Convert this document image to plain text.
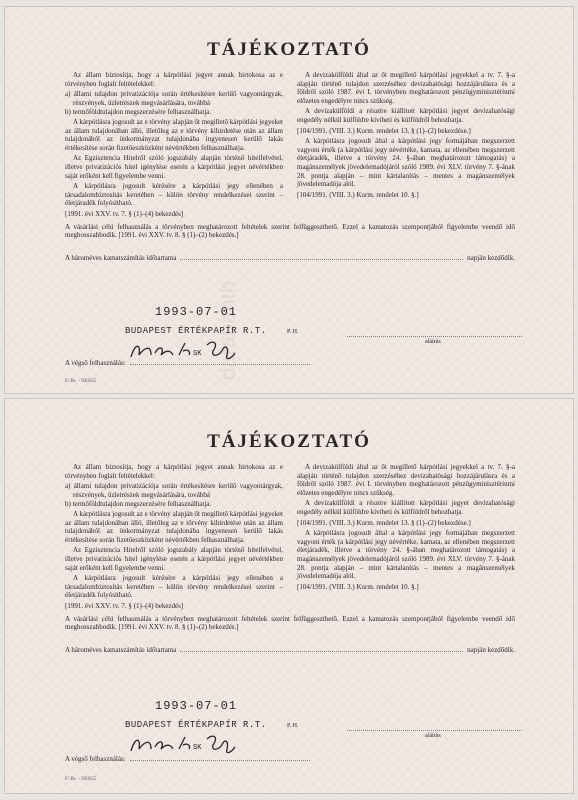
TÁJÉKOZTATÓ

Az állam biztosítja, hogy a kárpótlási jegyet annak birtokosa az e törvényben foglalt feltételekkel:

a) állami tulajdon privatizációja során értékesítésre kerülő vagyontárgyak, részvények, üzletrészek megvásárlására, továbbá

b) termőföldtulajdon megszerzésére felhasználhatja.

A kárpótlásra jogosult az e törvény alapján őt megillető kárpótlási jegyeket az állam tulajdonában álló, illetőleg az e törvény kihirdetése után az állam tulajdonából az önkormányzat tulajdonába ingyenesen kerülő lakás értékesítése során fizetőeszközként névértékben felhasználhatja.

Az Egzisztencia Hitelről szóló jogszabály alapján történő hitelfelvétel, illetve privatizációs hitel igénylése esetén a kárpótlási jegyet névértékben saját erőként kell figyelembe venni.

A kárpótlásra jogosult kérésére a kárpótlási jegy ellenében a társadalombiztosítás keretében – külön törvény rendelkezései szerint – életjáradék folyósítható.

[1991. évi XXV. tv. 7. § (1)–(4) bekezdés]

A devizakülföldi által az őt megillető kárpótlási jegyekkel a tv. 7. §-a alapján történő tulajdon szerzéséhez devizahatósági hozzájárulásra és a földről szóló 1987. évi I. törvényben meghatározott pénzügyminisztériumi előzetes engedélyre nincs szükség.

A devizakülföldi a részére kiállított kárpótlási jegyet devizahatósági engedély nélkül külföldre kiviheti és külföldről behozhatja.

[104/1991. (VIII. 3.) Korm. rendelet 13. § (1)–(2) bekezdése.]

A kárpótlásra jogosult által a kárpótlási jegy formájában megszerzett vagyoni érték (a kárpótlási jegy névértéke, kamata, az ellenében megszerzett életjáradék, illetve a törvény 24. §-ában meghatározott támogatás) a magánszemélyek jövedelemadójáról szóló 1989. évi XLV. törvény 7. §-ának 28. pontja alapján – mint kártalanítás – mentes a magánszemélyek jövedelemadója alól.

[104/1991. (VIII. 3.) Korm. rendelet 10. §.]

A vásárlási célú felhasználás a törvényben meghatározott feltételek szerint felfüggeszthető. Ezzel a kamatozás szempontjából figyelembe veendő idő meghosszabbodik. [1991. évi XXV. tv. 8. § (1)–(2) bekezdés.]
A hároméves kamatszámítás időtartama	napján kezdődik.
1993-07-01
BUDAPEST ÉRTÉKPAPÍR R.T.	P. H.
aláírás
SK
A végső felhasználás:
F/ Bt. – 930355
TÁJÉKOZTATÓ

Az állam biztosítja, hogy a kárpótlási jegyet annak birtokosa az e törvényben foglalt feltételekkel:

a) állami tulajdon privatizációja során értékesítésre kerülő vagyontárgyak, részvények, üzletrészek megvásárlására, továbbá

b) termőföldtulajdon megszerzésére felhasználhatja.

A kárpótlásra jogosult az e törvény alapján őt megillető kárpótlási jegyeket az állam tulajdonában álló, illetőleg az e törvény kihirdetése után az állam tulajdonából az önkormányzat tulajdonába ingyenesen kerülő lakás értékesítése során fizetőeszközként névértékben felhasználhatja.

Az Egzisztencia Hitelről szóló jogszabály alapján történő hitelfelvétel, illetve privatizációs hitel igénylése esetén a kárpótlási jegyet névértékben saját erőként kell figyelembe venni.

A kárpótlásra jogosult kérésére a kárpótlási jegy ellenében a társadalombiztosítás keretében – külön törvény rendelkezései szerint – életjáradék folyósítható.

[1991. évi XXV. tv. 7. § (1)–(4) bekezdés]

A devizakülföldi által az őt megillető kárpótlási jegyekkel a tv. 7. §-a alapján történő tulajdon szerzéséhez devizahatósági hozzájárulásra és a földről szóló 1987. évi I. törvényben meghatározott pénzügyminisztériumi előzetes engedélyre nincs szükség.

A devizakülföldi a részére kiállított kárpótlási jegyet devizahatósági engedély nélkül külföldre kiviheti és külföldről behozhatja.

[104/1991. (VIII. 3.) Korm. rendelet 13. § (1)–(2) bekezdése.]

A kárpótlásra jogosult által a kárpótlási jegy formájában megszerzett vagyoni érték (a kárpótlási jegy névértéke, kamata, az ellenében megszerzett életjáradék, illetve a törvény 24. §-ában meghatározott támogatás) a magánszemélyek jövedelemadójáról szóló 1989. évi XLV. törvény 7. §-ának 28. pontja alapján – mint kártalanítás – mentes a magánszemélyek jövedelemadója alól.

[104/1991. (VIII. 3.) Korm. rendelet 10. §.]

A vásárlási célú felhasználás a törvényben meghatározott feltételek szerint felfüggeszthető. Ezzel a kamatozás szempontjából figyelembe veendő idő meghosszabbodik. [1991. évi XXV. tv. 8. § (1)–(2) bekezdés.]
A hároméves kamatszámítás időtartama	napján kezdődik.
1993-07-01
BUDAPEST ÉRTÉKPAPÍR R.T.	P. H.
aláírás
SK
A végső felhasználás:
F/ Bt. – 930355
